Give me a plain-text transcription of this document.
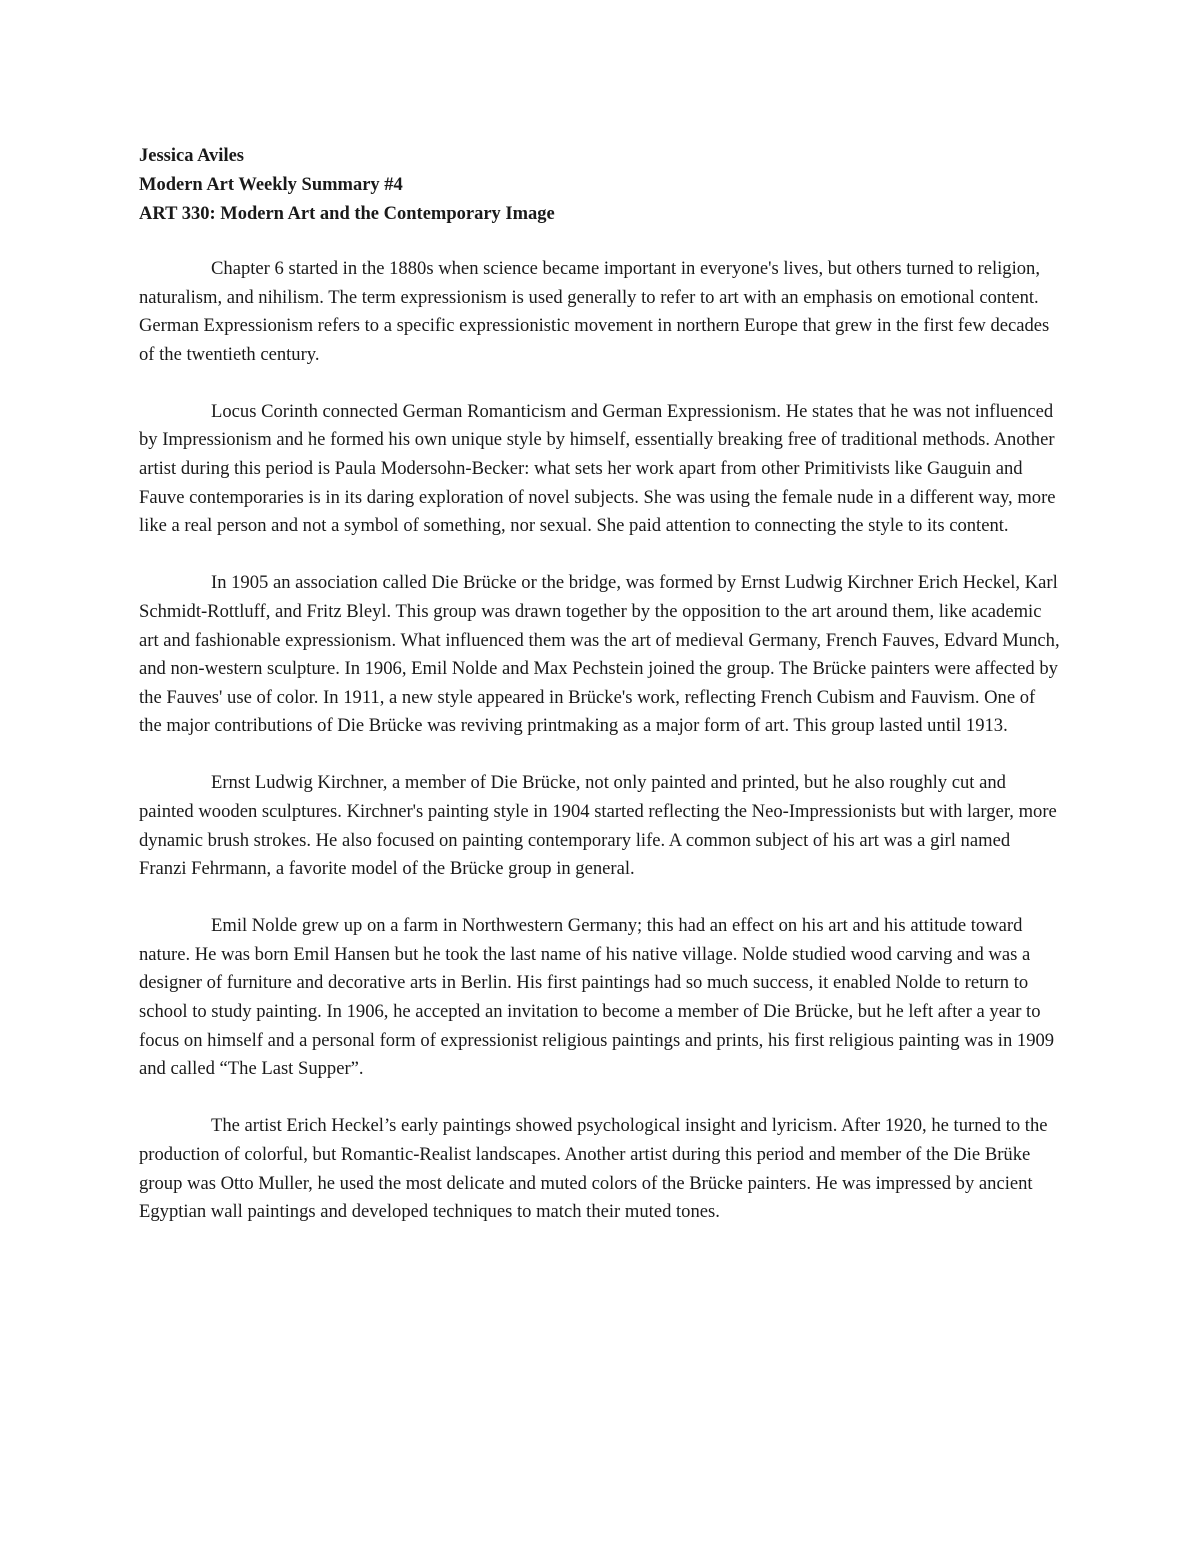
Jessica Aviles
Modern Art Weekly Summary #4
ART 330: Modern Art and the Contemporary Image

Chapter 6 started in the 1880s when science became important in everyone's lives, but others turned to religion, naturalism, and nihilism. The term expressionism is used generally to refer to art with an emphasis on emotional content. German Expressionism refers to a specific expressionistic movement in northern Europe that grew in the first few decades of the twentieth century.

Locus Corinth connected German Romanticism and German Expressionism. He states that he was not influenced by Impressionism and he formed his own unique style by himself, essentially breaking free of traditional methods. Another artist during this period is Paula Modersohn-Becker: what sets her work apart from other Primitivists like Gauguin and Fauve contemporaries is in its daring exploration of novel subjects. She was using the female nude in a different way, more like a real person and not a symbol of something, nor sexual. She paid attention to connecting the style to its content.

In 1905 an association called Die Brücke or the bridge, was formed by Ernst Ludwig Kirchner Erich Heckel, Karl Schmidt-Rottluff, and Fritz Bleyl. This group was drawn together by the opposition to the art around them, like academic art and fashionable expressionism. What influenced them was the art of medieval Germany, French Fauves, Edvard Munch, and non-western sculpture. In 1906, Emil Nolde and Max Pechstein joined the group. The Brücke painters were affected by the Fauves' use of color. In 1911, a new style appeared in Brücke's work, reflecting French Cubism and Fauvism. One of the major contributions of Die Brücke was reviving printmaking as a major form of art. This group lasted until 1913.

Ernst Ludwig Kirchner, a member of Die Brücke, not only painted and printed, but he also roughly cut and painted wooden sculptures. Kirchner's painting style in 1904 started reflecting the Neo-Impressionists but with larger, more dynamic brush strokes. He also focused on painting contemporary life. A common subject of his art was a girl named Franzi Fehrmann, a favorite model of the Brücke group in general.

Emil Nolde grew up on a farm in Northwestern Germany; this had an effect on his art and his attitude toward nature. He was born Emil Hansen but he took the last name of his native village. Nolde studied wood carving and was a designer of furniture and decorative arts in Berlin. His first paintings had so much success, it enabled Nolde to return to school to study painting. In 1906, he accepted an invitation to become a member of Die Brücke, but he left after a year to focus on himself and a personal form of expressionist religious paintings and prints, his first religious painting was in 1909 and called “The Last Supper”.

The artist Erich Heckel’s early paintings showed psychological insight and lyricism. After 1920, he turned to the production of colorful, but Romantic-Realist landscapes. Another artist during this period and member of the Die Brüke group was Otto Muller, he used the most delicate and muted colors of the Brücke painters. He was impressed by ancient Egyptian wall paintings and developed techniques to match their muted tones.
